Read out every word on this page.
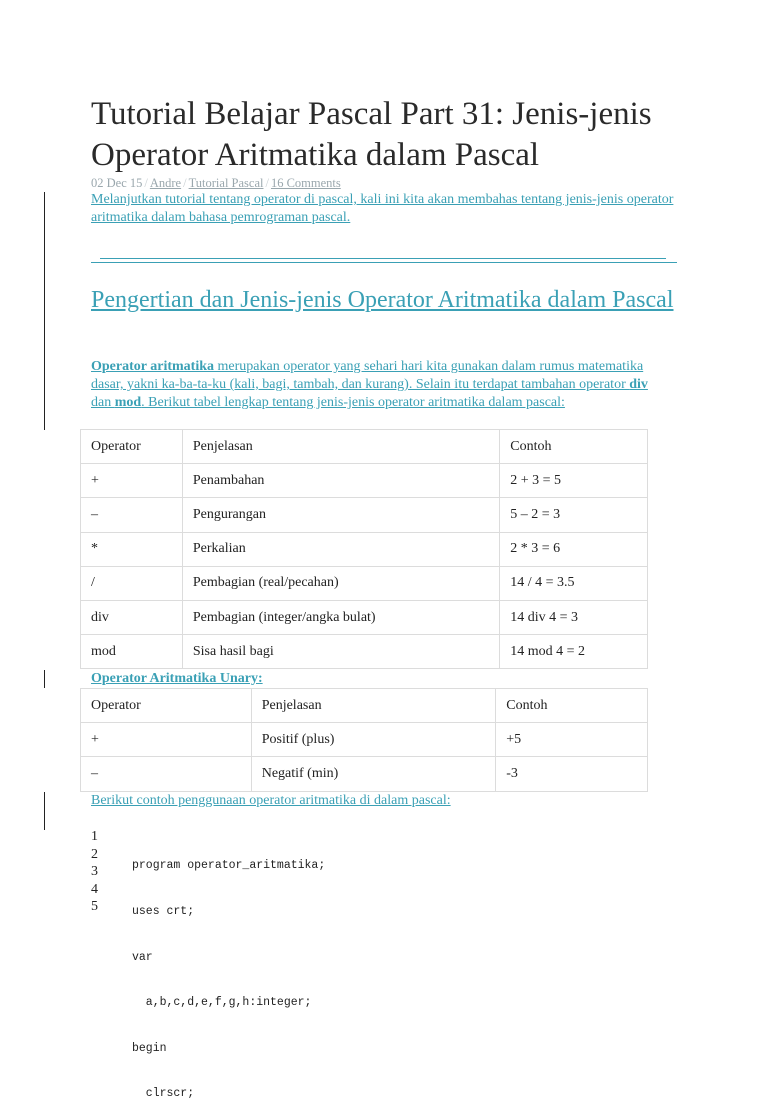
Tutorial Belajar Pascal Part 31: Jenis-jenis Operator Aritmatika dalam Pascal
02 Dec 15 / Andre / Tutorial Pascal / 16 Comments
Melanjutkan tutorial tentang operator di pascal, kali ini kita akan membahas tentang jenis-jenis operator aritmatika dalam bahasa pemrograman pascal.
Pengertian dan Jenis-jenis Operator Aritmatika dalam Pascal
Operator aritmatika merupakan operator yang sehari hari kita gunakan dalam rumus matematika dasar, yakni ka-ba-ta-ku (kali, bagi, tambah, dan kurang). Selain itu terdapat tambahan operator div dan mod. Berikut tabel lengkap tentang jenis-jenis operator aritmatika dalam pascal:
Operator	Penjelasan	Contoh
+	Penambahan	2 + 3 = 5
–	Pengurangan	5 – 2 = 3
*	Perkalian	2 * 3 = 6
/	Pembagian (real/pecahan)	14 / 4 = 3.5
div	Pembagian (integer/angka bulat)	14 div 4 = 3
mod	Sisa hasil bagi	14 mod 4 = 2
Operator Aritmatika Unary:
Operator	Penjelasan	Contoh
+	Positif (plus)	+5
–	Negatif (min)	-3
Berikut contoh penggunaan operator aritmatika di dalam pascal:
1
2
3
4
5

program operator_aritmatika;

uses crt;

var

a,b,c,d,e,f,g,h:integer;

begin

clrscr;
